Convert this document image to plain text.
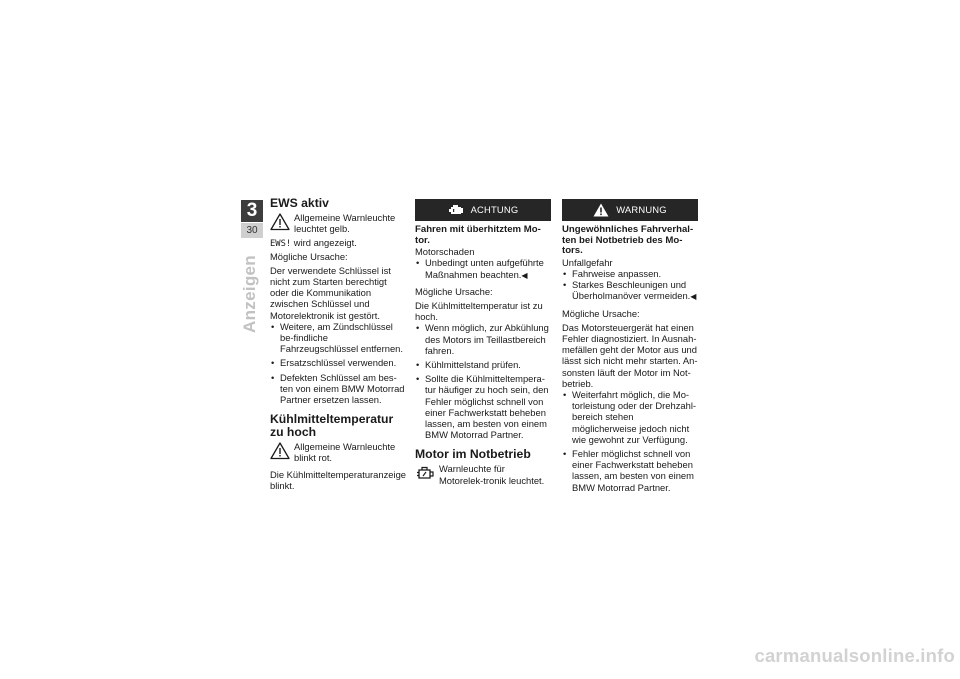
3
30
Anzeigen
EWS aktiv

Allgemeine Warnleuchte

leuchtet gelb.

EWS! wird angezeigt.

Mögliche Ursache:

Der verwendete Schlüssel ist nicht zum Starten berechtigt oder die Kommunikation zwischen Schlüssel und Motorelektronik ist gestört.

• Weitere, am Zündschlüssel be-findliche Fahrzeugschlüssel entfernen.
• Ersatzschlüssel verwenden.
• Defekten Schlüssel am bes-ten von einem BMW Motorrad Partner ersetzen lassen.
Kühlmitteltemperatur zu hoch

Allgemeine Warnleuchte

blinkt rot.

Die Kühlmitteltemperaturanzeige blinkt.

ACHTUNG
Fahren mit überhitztem Mo-tor.

Motorschaden

• Unbedingt unten aufgeführte Maßnahmen beachten.◀

Mögliche Ursache:

Die Kühlmitteltemperatur ist zu hoch.

• Wenn möglich, zur Abkühlung des Motors im Teillastbereich fahren.
• Kühlmittelstand prüfen.
• Sollte die Kühlmitteltempera-tur häufiger zu hoch sein, den Fehler möglichst schnell von einer Fachwerkstatt beheben lassen, am besten von einem BMW Motorrad Partner.
Motor im Notbetrieb

Warnleuchte für Motorelek-tronik leuchtet.

WARNUNG
Ungewöhnliches Fahrverhal-ten bei Notbetrieb des Mo-tors.

Unfallgefahr

• Fahrweise anpassen.
• Starkes Beschleunigen und Überholmanöver vermeiden.◀

Mögliche Ursache:

Das Motorsteuergerät hat einen Fehler diagnostiziert. In Ausnah-mefällen geht der Motor aus und lässt sich nicht mehr starten. An-sonsten läuft der Motor im Not-betrieb.

• Weiterfahrt möglich, die Mo-torleistung oder der Drehzahl-bereich stehen möglicherweise jedoch nicht wie gewohnt zur Verfügung.
• Fehler möglichst schnell von einer Fachwerkstatt beheben lassen, am besten von einem BMW Motorrad Partner.
carmanualsonline.info
